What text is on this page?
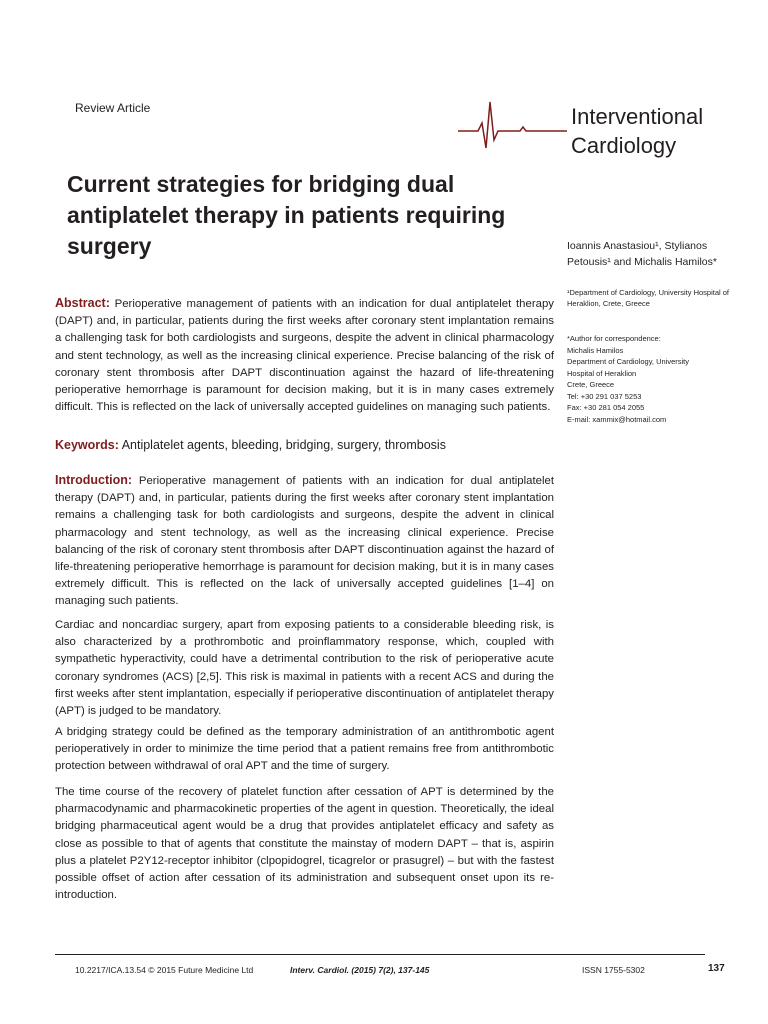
Review Article	Interventional
Cardiology
Current strategies for bridging dual antiplatelet therapy in patients requiring surgery	Ioannis Anastasiou¹, Stylianos
Petousis¹ and Michalis Hamilos*
¹Department of Cardiology, University Hospital of Heraklion, Crete, Greece
*Author for correspondence:
Michalis Hamilos
Department of Cardiology, University
Hospital of Heraklion
Crete, Greece
Tel: +30 291 037 5253
Fax: +30 281 054 2055
E-mail: xammix@hotmail.com

Abstract: Perioperative management of patients with an indication for dual antiplatelet therapy (DAPT) and, in particular, patients during the first weeks after coronary stent implantation remains a challenging task for both cardiologists and surgeons, despite the advent in clinical pharmacology and stent technology, as well as the increasing clinical experience. Precise balancing of the risk of coronary stent thrombosis after DAPT discontinuation against the hazard of life-threatening perioperative hemorrhage is paramount for decision making, but it is in many cases extremely difficult. This is reflected on the lack of universally accepted guidelines on managing such patients.

Keywords: Antiplatelet agents, bleeding, bridging, surgery, thrombosis

Introduction: Perioperative management of patients with an indication for dual antiplatelet therapy (DAPT) and, in particular, patients during the first weeks after coronary stent implantation remains a challenging task for both cardiologists and surgeons, despite the advent in clinical pharmacology and stent technology, as well as the increasing clinical experience. Precise balancing of the risk of coronary stent thrombosis after DAPT discontinuation against the hazard of life-threatening perioperative hemorrhage is paramount for decision making, but it is in many cases extremely difficult. This is reflected on the lack of universally accepted guidelines [1–4] on managing such patients.

Cardiac and noncardiac surgery, apart from exposing patients to a considerable bleeding risk, is also characterized by a prothrombotic and proinflammatory response, which, coupled with sympathetic hyperactivity, could have a detrimental contribution to the risk of perioperative acute coronary syndromes (ACS) [2,5]. This risk is maximal in patients with a recent ACS and during the first weeks after stent implantation, especially if perioperative discontinuation of antiplatelet therapy (APT) is judged to be mandatory.

A bridging strategy could be defined as the temporary administration of an antithrombotic agent perioperatively in order to minimize the time period that a patient remains free from antithrombotic protection between withdrawal of oral APT and the time of surgery.

The time course of the recovery of platelet function after cessation of APT is determined by the pharmacodynamic and pharmacokinetic properties of the agent in question. Theoretically, the ideal bridging pharmaceutical agent would be a drug that provides antiplatelet efficacy and safety as close as possible to that of agents that constitute the mainstay of modern DAPT – that is, aspirin plus a platelet P2Y12-receptor inhibitor (clpopidogrel, ticagrelor or prasugrel) – but with the fastest possible offset of action after cessation of its administration and subsequent onset upon its re-introduction.

10.2217/ICA.13.54 © 2015 Future Medicine Ltd	Interv. Cardiol. (2015) 7(2), 137-145	ISSN 1755-5302	137
